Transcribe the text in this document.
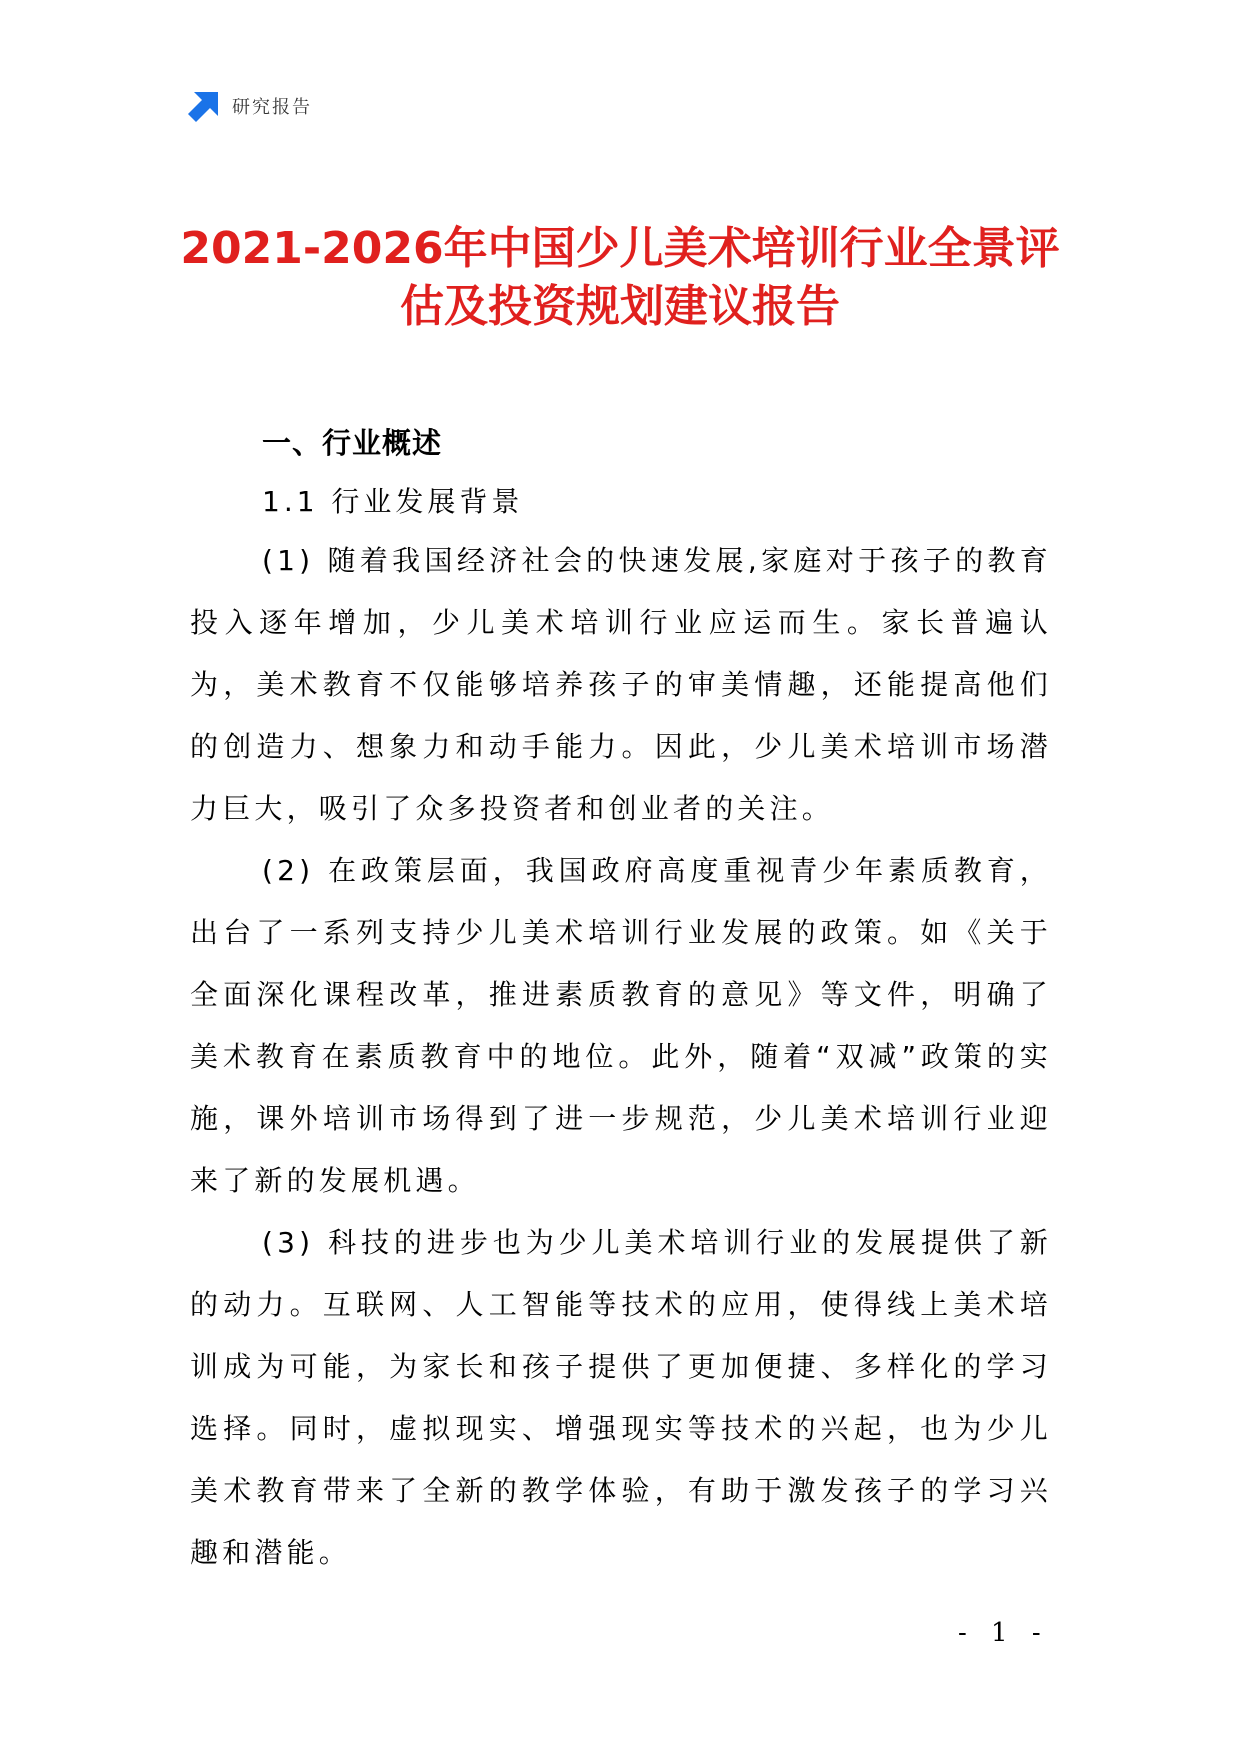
研究报告
2021-2026年中国少儿美术培训行业全景评
估及投资规划建议报告
一、行业概述
1.1 行业发展背景

(1) 随着我国经济社会的快速发展,家庭对于孩子的教育投入逐年增加，少儿美术培训行业应运而生。家长普遍认为，美术教育不仅能够培养孩子的审美情趣，还能提高他们的创造力、想象力和动手能力。因此，少儿美术培训市场潜力巨大，吸引了众多投资者和创业者的关注。

(2) 在政策层面，我国政府高度重视青少年素质教育，出台了一系列支持少儿美术培训行业发展的政策。如《关于全面深化课程改革，推进素质教育的意见》等文件，明确了美术教育在素质教育中的地位。此外，随着“双减”政策的实施，课外培训市场得到了进一步规范，少儿美术培训行业迎来了新的发展机遇。

(3) 科技的进步也为少儿美术培训行业的发展提供了新的动力。互联网、人工智能等技术的应用，使得线上美术培训成为可能，为家长和孩子提供了更加便捷、多样化的学习选择。同时，虚拟现实、增强现实等技术的兴起，也为少儿美术教育带来了全新的教学体验，有助于激发孩子的学习兴趣和潜能。

- 1 -
